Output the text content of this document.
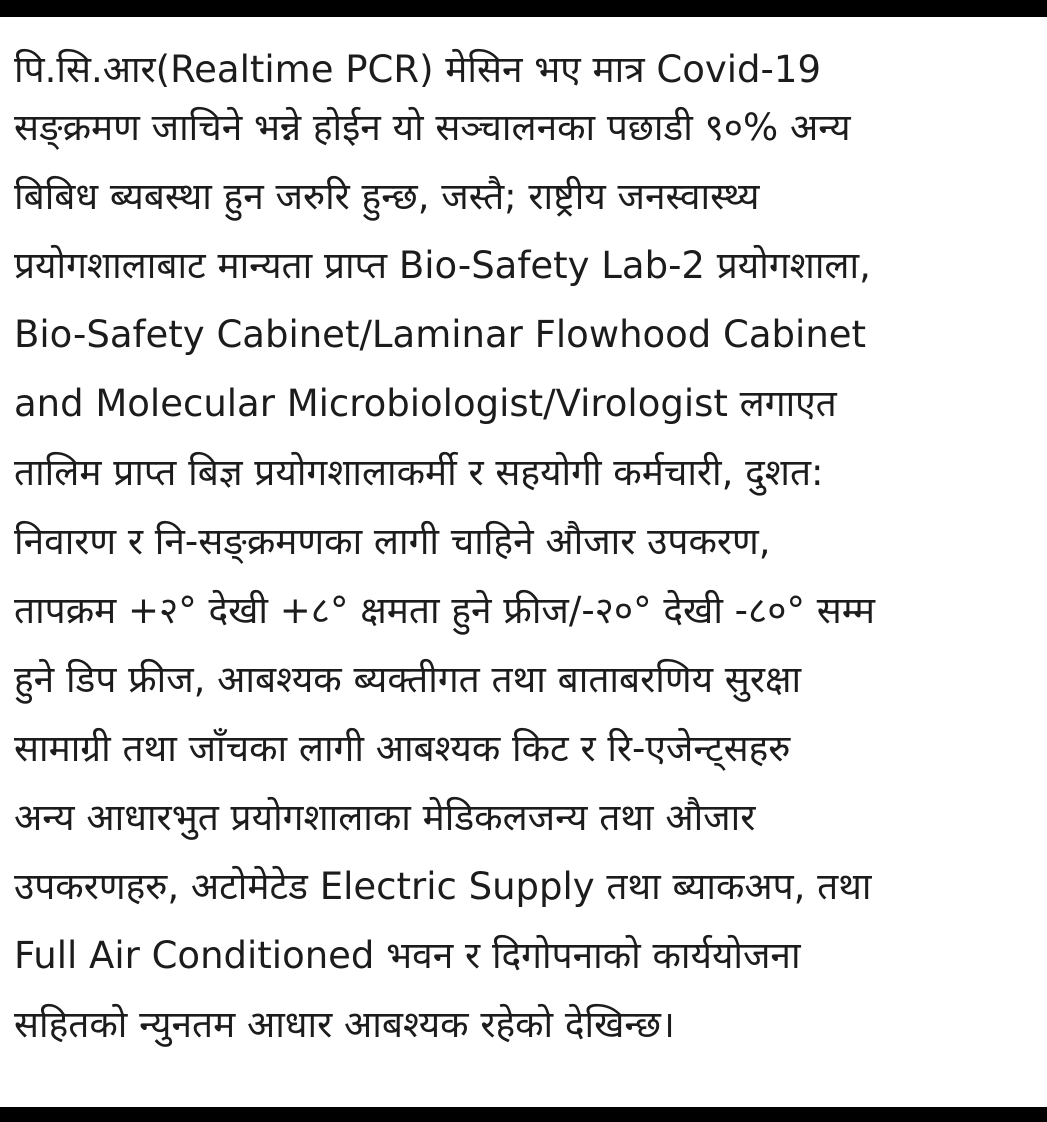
पि.सि.आर(Realtime PCR) मेसिन भए मात्र Covid-19
सङ्क्रमण जाचिने भन्ने होईन यो सञ्चालनका पछाडी ९०% अन्य
बिबिध ब्यबस्था हुन जरुरि हुन्छ, जस्तै; राष्ट्रीय जनस्वास्थ्य
प्रयोगशालाबाट मान्यता प्राप्त Bio-Safety Lab-2 प्रयोगशाला,
Bio-Safety Cabinet/Laminar Flowhood Cabinet
and Molecular Microbiologist/Virologist लगाएत
तालिम प्राप्त बिज्ञ प्रयोगशालाकर्मी र सहयोगी कर्मचारी, दुशत:
निवारण र नि-सङ्क्रमणका लागी चाहिने औजार उपकरण,
तापक्रम +२° देखी +८° क्षमता हुने फ्रीज/-२०° देखी -८०° सम्म
हुने डिप फ्रीज, आबश्यक ब्यक्तीगत तथा बाताबरणिय सुरक्षा
सामाग्री तथा जाँचका लागी आबश्यक किट र रि-एजेन्ट्सहरु
अन्य आधारभुत प्रयोगशालाका मेडिकलजन्य तथा औजार
उपकरणहरु, अटोमेटेड Electric Supply तथा ब्याकअप, तथा
Full Air Conditioned भवन र दिगोपनाको कार्ययोजना
सहितको न्युनतम आधार आबश्यक रहेको देखिन्छ।
